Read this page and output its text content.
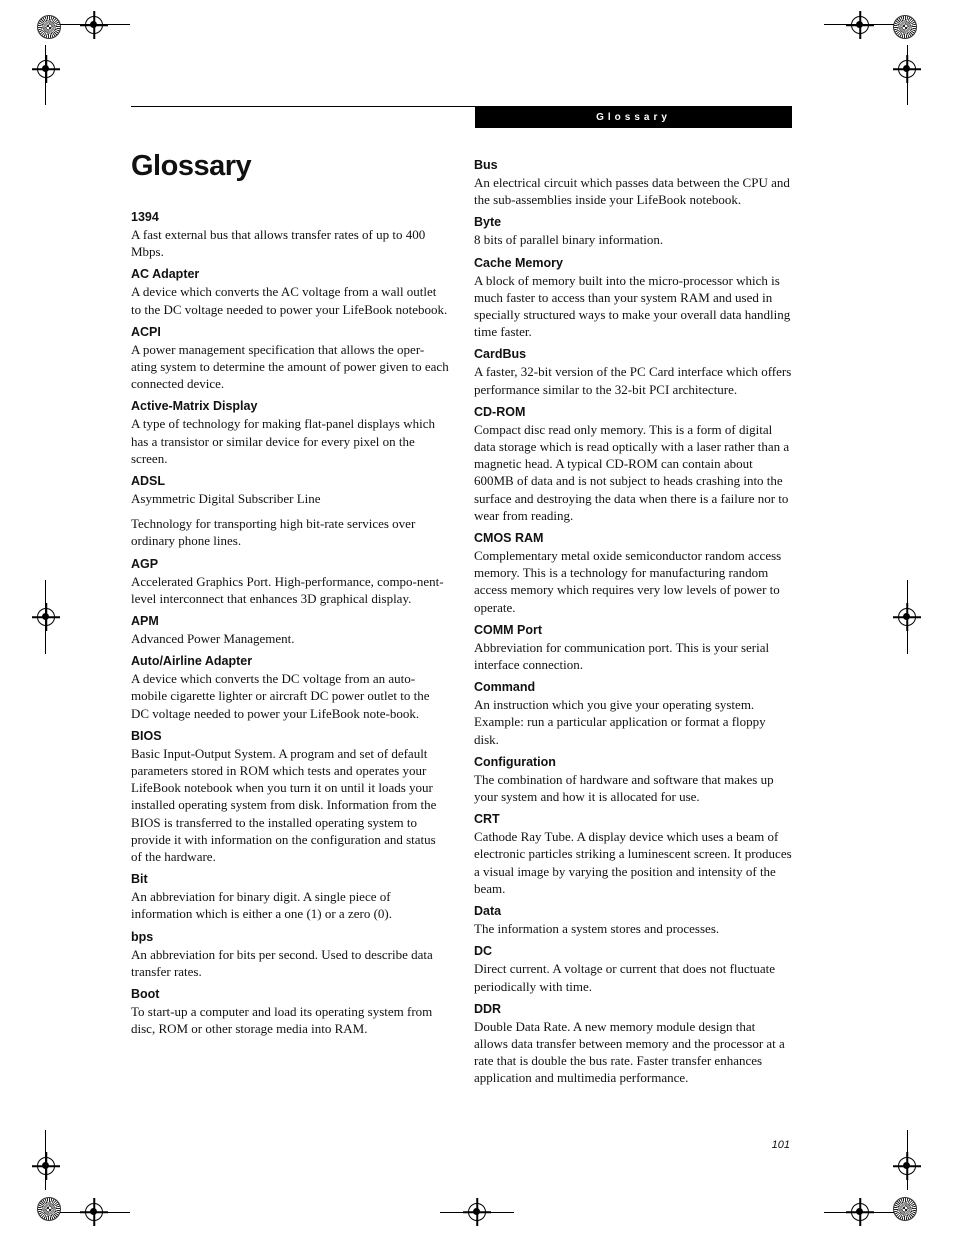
Glossary
Glossary

1394

A fast external bus that allows transfer rates of up to 400 Mbps.

AC Adapter

A device which converts the AC voltage from a wall outlet to the DC voltage needed to power your LifeBook notebook.

ACPI

A power management specification that allows the oper-ating system to determine the amount of power given to each connected device.

Active-Matrix Display

A type of technology for making flat-panel displays which has a transistor or similar device for every pixel on the screen.

ADSL

Asymmetric Digital Subscriber Line

Technology for transporting high bit-rate services over ordinary phone lines.

AGP

Accelerated Graphics Port. High-performance, compo-nent-level interconnect that enhances 3D graphical display.

APM

Advanced Power Management.

Auto/Airline Adapter

A device which converts the DC voltage from an auto-mobile cigarette lighter or aircraft DC power outlet to the DC voltage needed to power your LifeBook note-book.

BIOS

Basic Input-Output System. A program and set of default parameters stored in ROM which tests and operates your LifeBook notebook when you turn it on until it loads your installed operating system from disk. Information from the BIOS is transferred to the installed operating system to provide it with information on the configuration and status of the hardware.

Bit

An abbreviation for binary digit. A single piece of information which is either a one (1) or a zero (0).

bps

An abbreviation for bits per second. Used to describe data transfer rates.

Boot

To start-up a computer and load its operating system from disc, ROM or other storage media into RAM.

Bus

An electrical circuit which passes data between the CPU and the sub-assemblies inside your LifeBook notebook.

Byte

8 bits of parallel binary information.

Cache Memory

A block of memory built into the micro-processor which is much faster to access than your system RAM and used in specially structured ways to make your overall data handling time faster.

CardBus

A faster, 32-bit version of the PC Card interface which offers performance similar to the 32-bit PCI architecture.

CD-ROM

Compact disc read only memory. This is a form of digital data storage which is read optically with a laser rather than a magnetic head. A typical CD-ROM can contain about 600MB of data and is not subject to heads crashing into the surface and destroying the data when there is a failure nor to wear from reading.

CMOS RAM

Complementary metal oxide semiconductor random access memory. This is a technology for manufacturing random access memory which requires very low levels of power to operate.

COMM Port

Abbreviation for communication port. This is your serial interface connection.

Command

An instruction which you give your operating system. Example: run a particular application or format a floppy disk.

Configuration

The combination of hardware and software that makes up your system and how it is allocated for use.

CRT

Cathode Ray Tube. A display device which uses a beam of electronic particles striking a luminescent screen. It produces a visual image by varying the position and intensity of the beam.

Data

The information a system stores and processes.

DC

Direct current. A voltage or current that does not fluctuate periodically with time.

DDR

Double Data Rate. A new memory module design that allows data transfer between memory and the processor at a rate that is double the bus rate. Faster transfer enhances application and multimedia performance.

101
